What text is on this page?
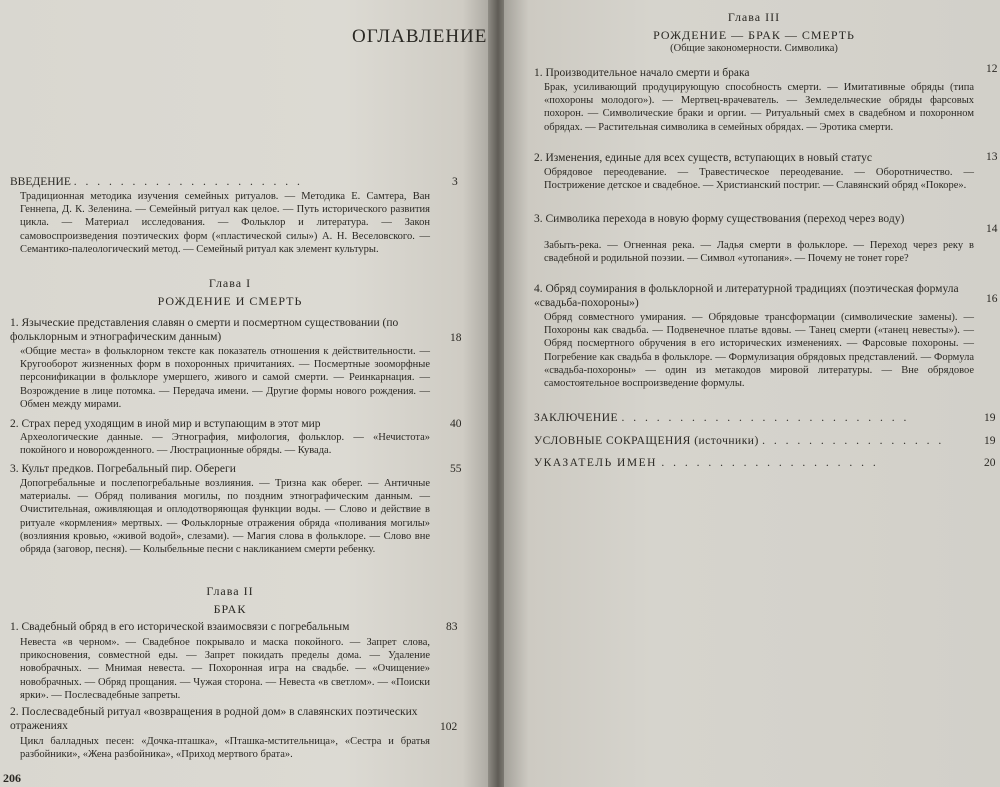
ОГЛАВЛЕНИЕ
ВВЕДЕНИЕ . . . . . . . . . . . . . . . . . . . .	3
Традиционная методика изучения семейных ритуалов. — Методика Е. Самтера, Ван Геннепа, Д. К. Зеленина. — Семейный ритуал как целое. — Путь исторического развития цикла. — Материал исследования. — Фольклор и литература. — Закон самовоспроизведения поэтических форм («пластической силы») А. Н. Веселовского. — Семантико-палеологический метод. — Семейный ритуал как элемент культуры.
Глава I
РОЖДЕНИЕ И СМЕРТЬ
1. Языческие представления славян о смерти и посмертном существовании (по фольклорным и этнографическим данным)	18
«Общие места» в фольклорном тексте как показатель отношения к действительности. — Кругооборот жизненных форм в похоронных причитаниях. — Посмертные зооморфные персонификации в фольклоре умершего, живого и самой смерти. — Реинкарнация. — Возрождение в лице потомка. — Передача имени. — Другие формы нового рождения. — Обмен между мирами.
2. Страх перед уходящим в иной мир и вступающим в этот мир	40
Археологические данные. — Этнография, мифология, фольклор. — «Нечистота» покойного и новорожденного. — Люстрационные обряды. — Кувада.
3. Культ предков. Погребальный пир. Обереги	55
Допогребальные и послепогребальные возлияния. — Тризна как оберег. — Античные материалы. — Обряд поливания могилы, по поздним этнографическим данным. — Очистительная, оживляющая и оплодотворяющая функции воды. — Слово и действие в ритуале «кормления» мертвых. — Фольклорные отражения обряда «поливания могилы» (возлияния кровью, «живой водой», слезами). — Магия слова в фольклоре. — Слово вне обряда (заговор, песня). — Колыбельные песни с накликанием смерти ребенку.
Глава II
БРАК
1. Свадебный обряд в его исторической взаимосвязи с погребальным	83
Невеста «в черном». — Свадебное покрывало и маска покойного. — Запрет слова, прикосновения, совместной еды. — Запрет покидать пределы дома. — Удаление новобрачных. — Мнимая невеста. — Похоронная игра на свадьбе. — «Очищение» новобрачных. — Обряд прощания. — Чужая сторона. — Невеста «в светлом». — «Поиски ярки». — Послесвадебные запреты.
2. Послесвадебный ритуал «возвращения в родной дом» в славянских поэтических отражениях	102
Цикл балладных песен: «Дочка-пташка», «Пташка-мстительница», «Сестра и братья разбойники», «Жена разбойника», «Приход мертвого брата».
206
Глава III
РОЖДЕНИЕ — БРАК — СМЕРТЬ
(Общие закономерности. Символика)
1. Производительное начало смерти и брака	12
Брак, усиливающий продуцирующую способность смерти. — Имитативные обряды (типа «похороны молодого»). — Мертвец-врачеватель. — Земледельческие обряды фарсовых похорон. — Символические браки и оргии. — Ритуальный смех в свадебном и похоронном обрядах. — Растительная символика в семейных обрядах. — Эротика смерти.
2. Изменения, единые для всех существ, вступающих в новый статус	13
Обрядовое переодевание. — Травестическое переодевание. — Оборотничество. — Пострижение детское и свадебное. — Христианский постриг. — Славянский обряд «Покоре».
3. Символика перехода в новую форму существования (переход через воду)
14
Забыть-река. — Огненная река. — Ладья смерти в фольклоре. — Переход через реку в свадебной и родильной поэзии. — Символ «утопания». — Почему не тонет горе?
4. Обряд соумирания в фольклорной и литературной традициях (поэтическая формула «свадьба-похороны»)	16
Обряд совместного умирания. — Обрядовые трансформации (символические замены). — Похороны как свадьба. — Подвенечное платье вдовы. — Танец смерти («танец невесты»). — Обряд посмертного обручения в его исторических изменениях. — Фарсовые похороны. — Погребение как свадьба в фольклоре. — Формулизация обрядовых представлений. — Формула «свадьба-похороны» — один из метакодов мировой литературы. — Вне обрядовое самостоятельное воспроизведение формулы.
ЗАКЛЮЧЕНИЕ . . . . . . . . . . . . . . . . . . . . . . . . .	19
УСЛОВНЫЕ СОКРАЩЕНИЯ (источники) . . . . . . . . . . . . . . . .	19
УКАЗАТЕЛЬ ИМЕН . . . . . . . . . . . . . . . . . . .	20
